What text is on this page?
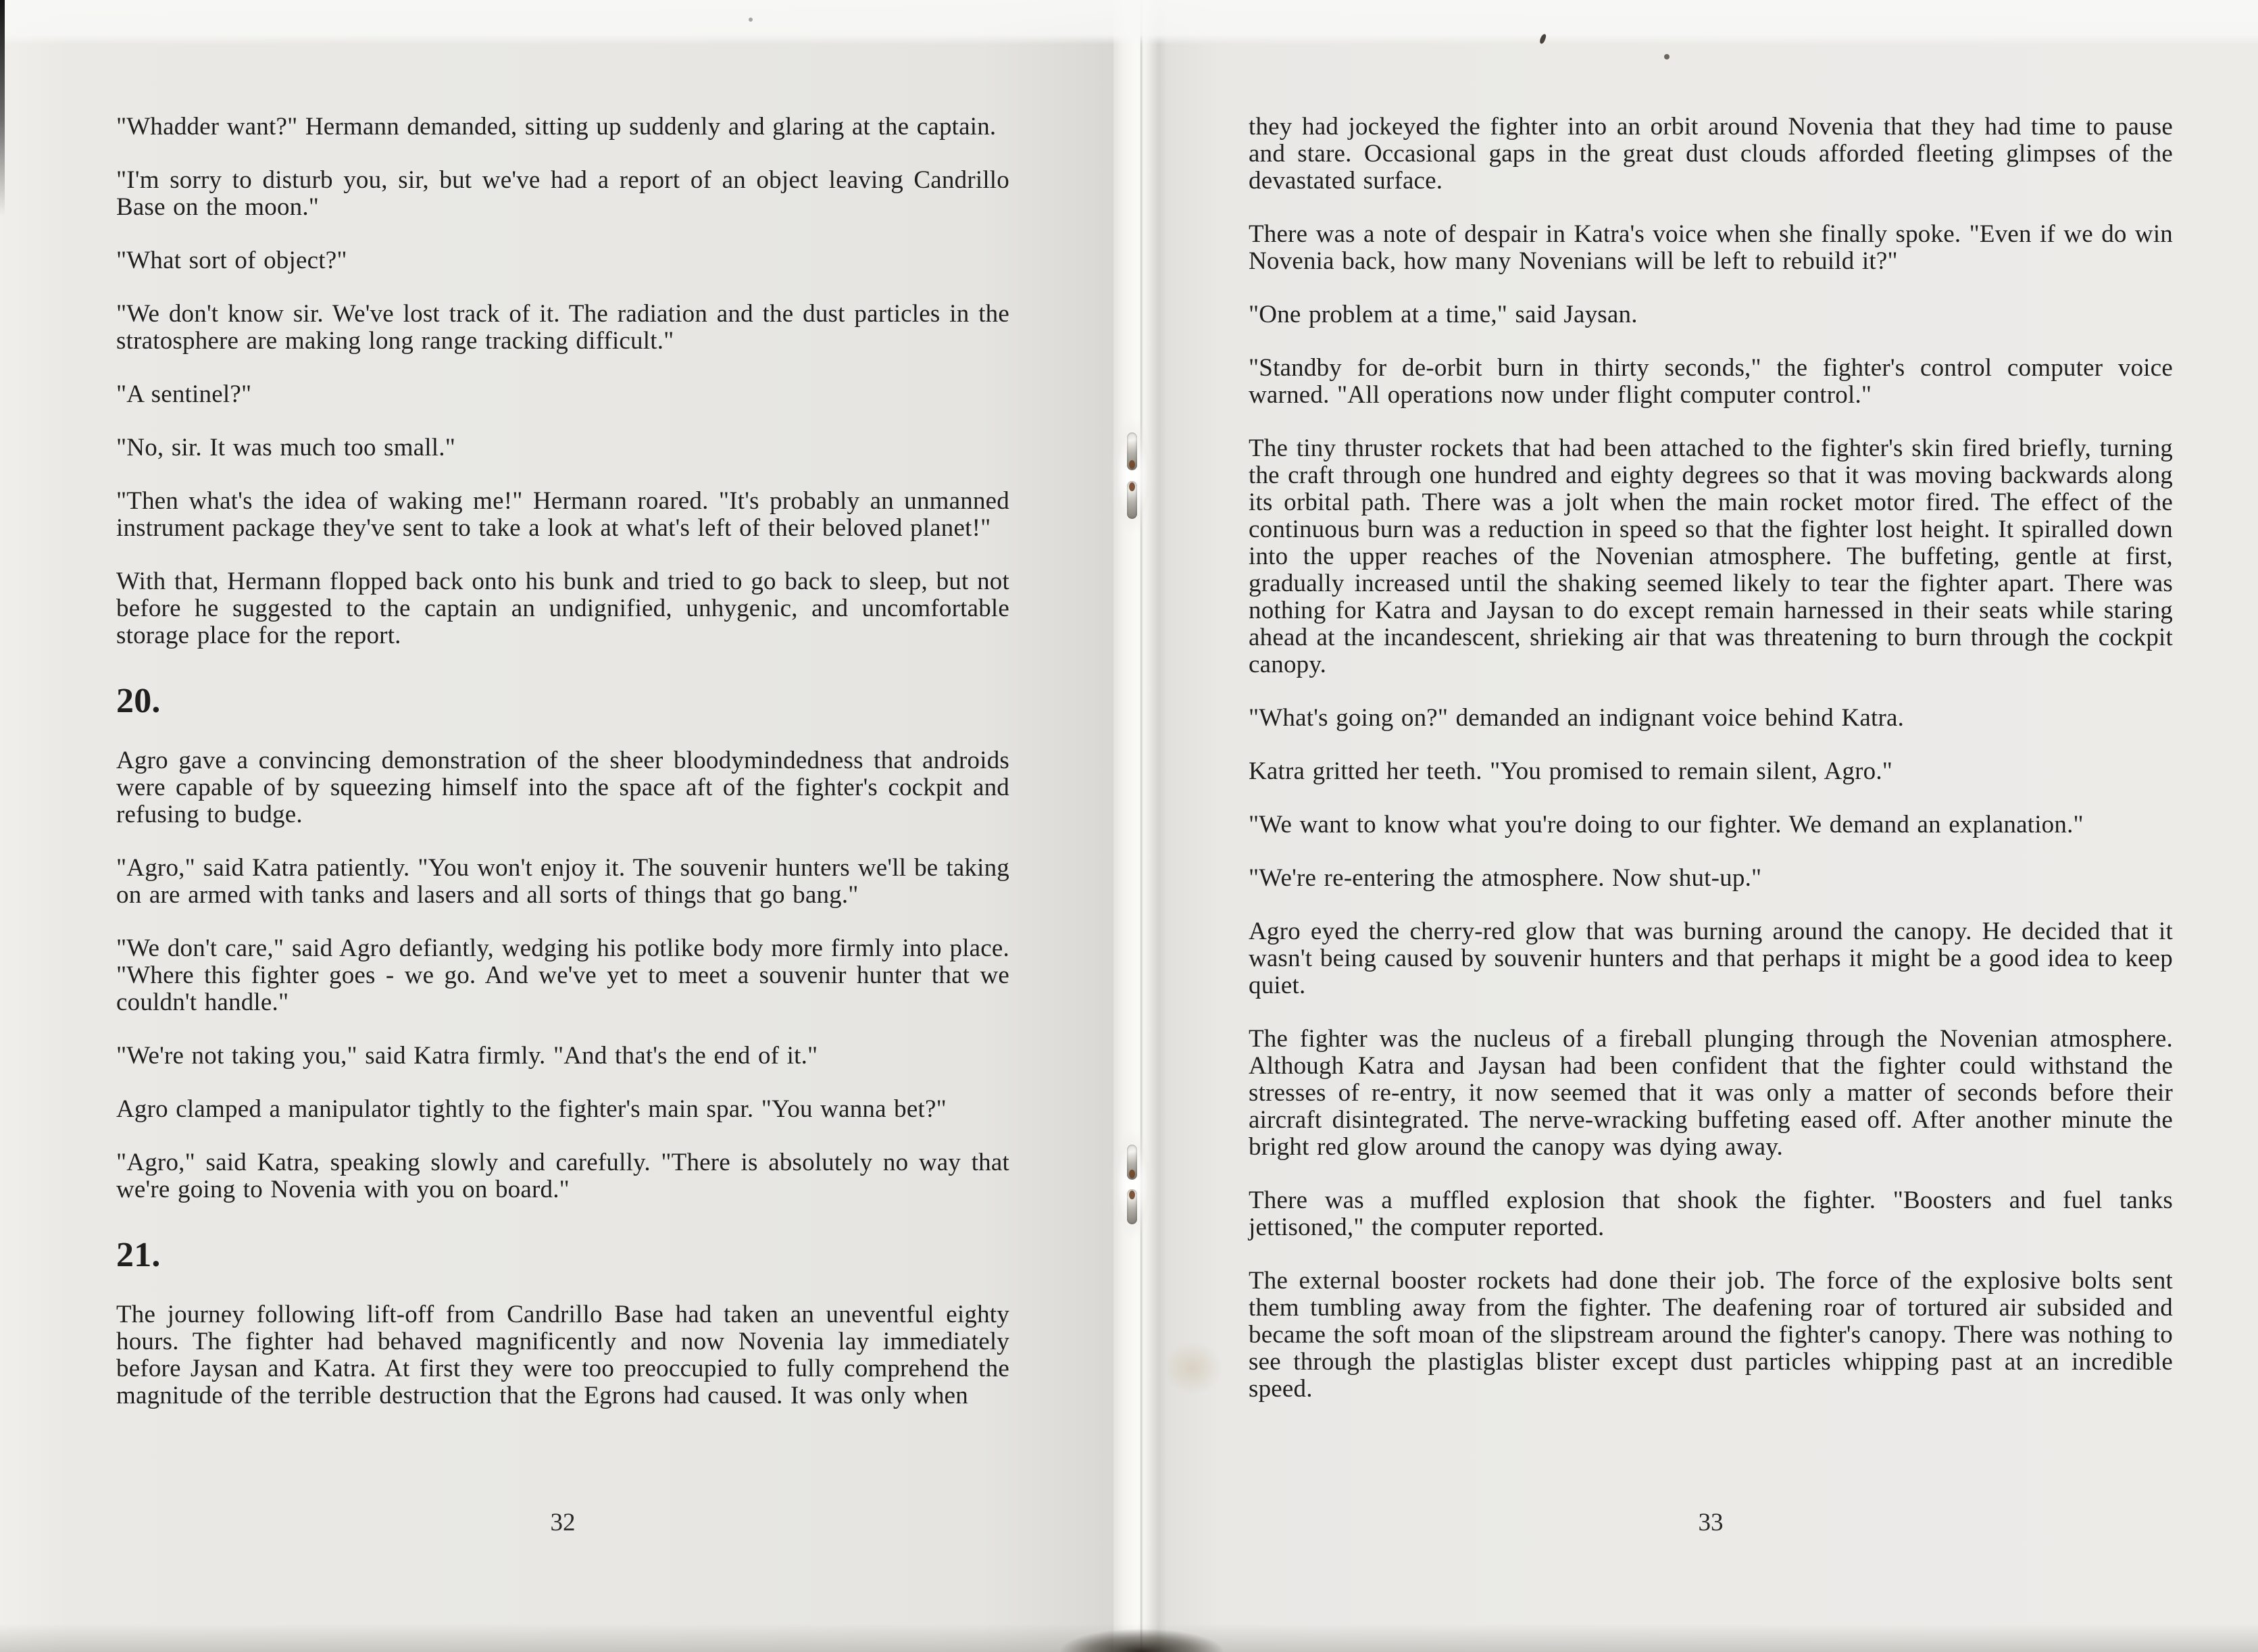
"Whadder want?" Hermann demanded, sitting up suddenly and glaring at the captain.

"I'm sorry to disturb you, sir, but we've had a report of an object leaving Candrillo Base on the moon."

"What sort of object?"

"We don't know sir. We've lost track of it. The radiation and the dust particles in the stratosphere are making long range tracking difficult."

"A sentinel?"

"No, sir. It was much too small."

"Then what's the idea of waking me!" Hermann roared. "It's probably an unmanned instrument package they've sent to take a look at what's left of their beloved planet!"

With that, Hermann flopped back onto his bunk and tried to go back to sleep, but not before he suggested to the captain an undignified, unhygenic, and uncomfortable storage place for the report.

20.

Agro gave a convincing demonstration of the sheer bloodymindedness that androids were capable of by squeezing himself into the space aft of the fighter's cockpit and refusing to budge.

"Agro," said Katra patiently. "You won't enjoy it. The souvenir hunters we'll be taking on are armed with tanks and lasers and all sorts of things that go bang."

"We don't care," said Agro defiantly, wedging his potlike body more firmly into place. "Where this fighter goes - we go. And we've yet to meet a souvenir hunter that we couldn't handle."

"We're not taking you," said Katra firmly. "And that's the end of it."

Agro clamped a manipulator tightly to the fighter's main spar. "You wanna bet?"

"Agro," said Katra, speaking slowly and carefully. "There is absolutely no way that we're going to Novenia with you on board."

21.

The journey following lift-off from Candrillo Base had taken an uneventful eighty hours. The fighter had behaved magnificently and now Novenia lay immediately before Jaysan and Katra. At first they were too preoccupied to fully comprehend the magnitude of the terrible destruction that the Egrons had caused. It was only when

they had jockeyed the fighter into an orbit around Novenia that they had time to pause and stare. Occasional gaps in the great dust clouds afforded fleeting glimpses of the devastated surface.

There was a note of despair in Katra's voice when she finally spoke. "Even if we do win Novenia back, how many Novenians will be left to rebuild it?"

"One problem at a time," said Jaysan.

"Standby for de-orbit burn in thirty seconds," the fighter's control computer voice warned. "All operations now under flight computer control."

The tiny thruster rockets that had been attached to the fighter's skin fired briefly, turning the craft through one hundred and eighty degrees so that it was moving backwards along its orbital path. There was a jolt when the main rocket motor fired. The effect of the continuous burn was a reduction in speed so that the fighter lost height. It spiralled down into the upper reaches of the Novenian atmosphere. The buffeting, gentle at first, gradually increased until the shaking seemed likely to tear the fighter apart. There was nothing for Katra and Jaysan to do except remain harnessed in their seats while staring ahead at the incandescent, shrieking air that was threatening to burn through the cockpit canopy.

"What's going on?" demanded an indignant voice behind Katra.

Katra gritted her teeth. "You promised to remain silent, Agro."

"We want to know what you're doing to our fighter. We demand an explanation."

"We're re-entering the atmosphere. Now shut-up."

Agro eyed the cherry-red glow that was burning around the canopy. He decided that it wasn't being caused by souvenir hunters and that perhaps it might be a good idea to keep quiet.

The fighter was the nucleus of a fireball plunging through the Novenian atmosphere. Although Katra and Jaysan had been confident that the fighter could withstand the stresses of re-entry, it now seemed that it was only a matter of seconds before their aircraft disintegrated. The nerve-wracking buffeting eased off. After another minute the bright red glow around the canopy was dying away.

There was a muffled explosion that shook the fighter. "Boosters and fuel tanks jettisoned," the computer reported.

The external booster rockets had done their job. The force of the explosive bolts sent them tumbling away from the fighter. The deafening roar of tortured air subsided and became the soft moan of the slipstream around the fighter's canopy. There was nothing to see through the plastiglas blister except dust particles whipping past at an incredible speed.

32	33
